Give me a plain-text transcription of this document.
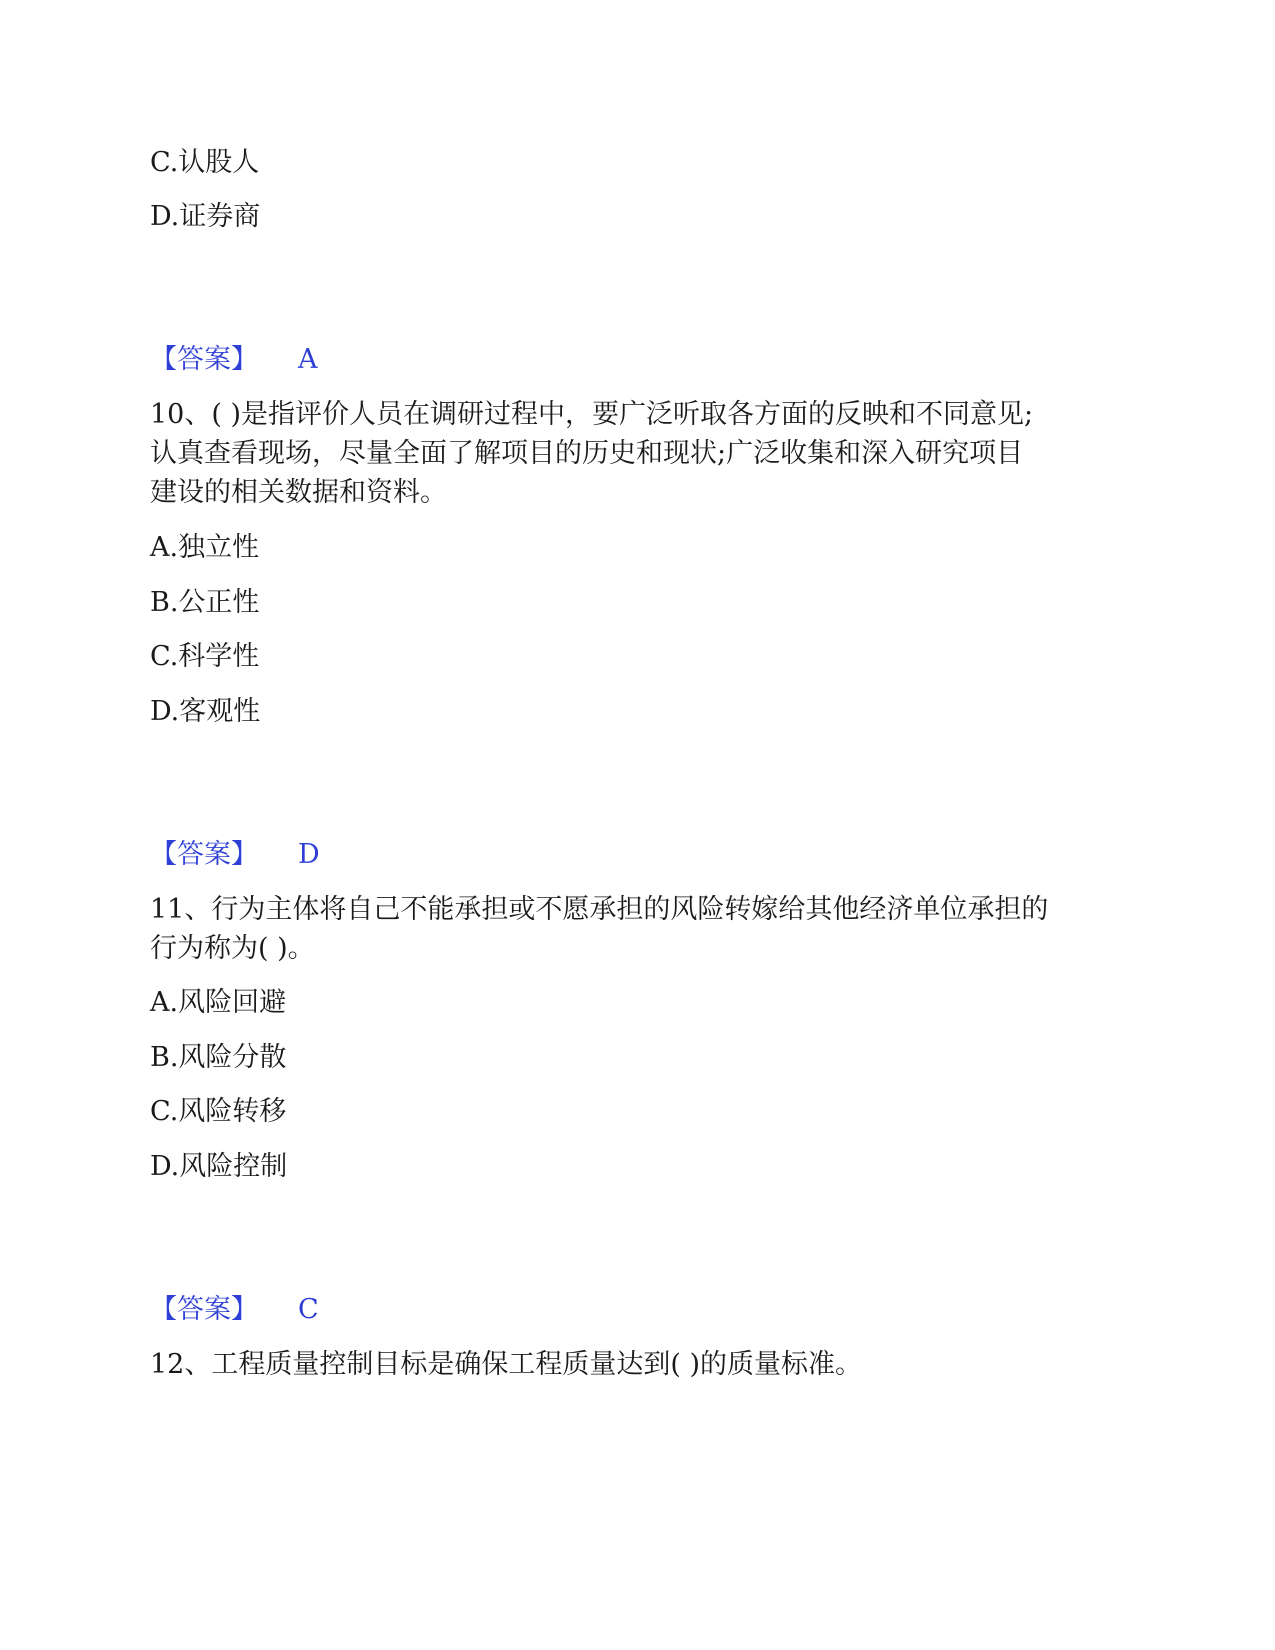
C.认股人
D.证券商
【答案】 A
10、( )是指评价人员在调研过程中，要广泛听取各方面的反映和不同意见;
认真查看现场，尽量全面了解项目的历史和现状;广泛收集和深入研究项目
建设的相关数据和资料。
A.独立性
B.公正性
C.科学性
D.客观性
【答案】 D
11、行为主体将自己不能承担或不愿承担的风险转嫁给其他经济单位承担的
行为称为( )。
A.风险回避
B.风险分散
C.风险转移
D.风险控制
【答案】 C
12、工程质量控制目标是确保工程质量达到( )的质量标准。
